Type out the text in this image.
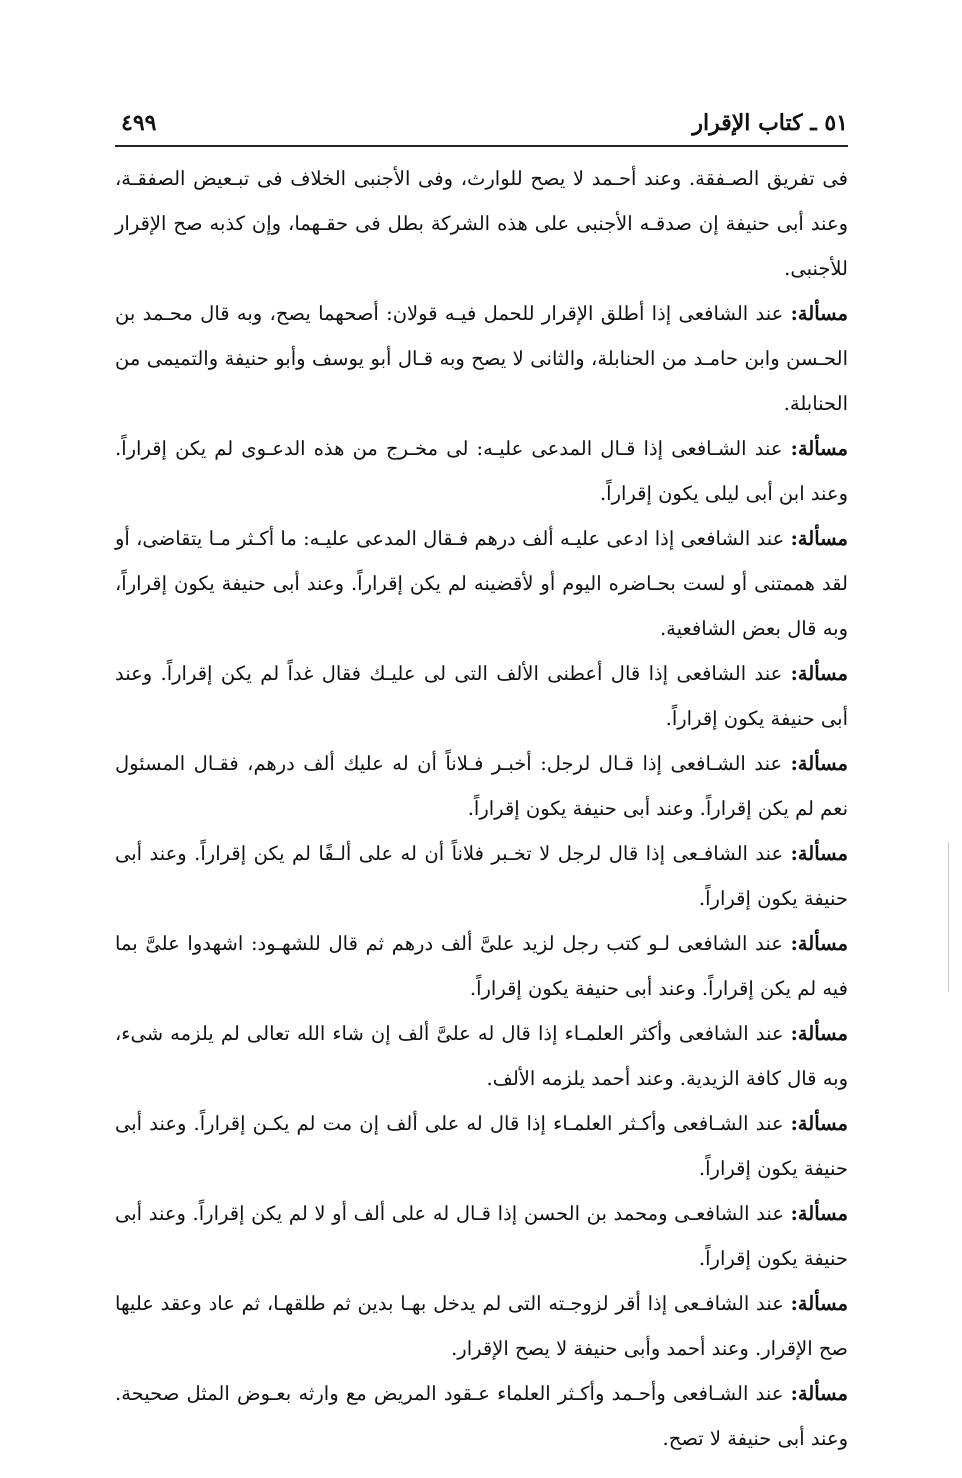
٥١ ـ كتاب الإقرار
٤٩٩

فى تفريق الصـفقة. وعند أحـمد لا يصح للوارث، وفى الأجنبى الخلاف فى تبـعيض الصفقـة، وعند أبى حنيفة إن صدقـه الأجنبى على هذه الشركة بطل فى حقـهما، وإن كذبه صح الإقرار للأجنبى.

مسألة: عند الشافعى إذا أطلق الإقرار للحمل فيـه قولان: أصحهما يصح، وبه قال محـمد بن الحـسن وابن حامـد من الحنابلة، والثانى لا يصح وبه قـال أبو يوسف وأبو حنيفة والتميمى من الحنابلة.

مسألة: عند الشـافعى إذا قـال المدعى عليـه: لى مخـرج من هذه الدعـوى لم يكن إقراراً. وعند ابن أبى ليلى يكون إقراراً.

مسألة: عند الشافعى إذا ادعى عليـه ألف درهم فـقال المدعى عليـه: ما أكـثر مـا يتقاضى، أو لقد هممتنى أو لست بحـاضره اليوم أو لأقضينه لم يكن إقراراً. وعند أبى حنيفة يكون إقراراً، وبه قال بعض الشافعية.

مسألة: عند الشافعى إذا قال أعطنى الألف التى لى عليـك فقال غداً لم يكن إقراراً. وعند أبى حنيفة يكون إقراراً.

مسألة: عند الشـافعى إذا قـال لرجل: أخبـر فـلاناً أن له عليك ألف درهم، فقـال المسئول نعم لم يكن إقراراً. وعند أبى حنيفة يكون إقراراً.

مسألة: عند الشافـعى إذا قال لرجل لا تخـبر فلاناً أن له على ألـفًا لم يكن إقراراً. وعند أبى حنيفة يكون إقراراً.

مسألة: عند الشافعى لـو كتب رجل لزيد علىَّ ألف درهم ثم قال للشهـود: اشهدوا علىَّ بما فيه لم يكن إقراراً. وعند أبى حنيفة يكون إقراراً.

مسألة: عند الشافعى وأكثر العلمـاء إذا قال له علىَّ ألف إن شاء الله تعالى لم يلزمه شىء، وبه قال كافة الزيدية. وعند أحمد يلزمه الألف.

مسألة: عند الشـافعى وأكـثر العلمـاء إذا قال له على ألف إن مت لم يكـن إقراراً. وعند أبى حنيفة يكون إقراراً.

مسألة: عند الشافعـى ومحمد بن الحسن إذا قـال له على ألف أو لا لم يكن إقراراً. وعند أبى حنيفة يكون إقراراً.

مسألة: عند الشافـعى إذا أقر لزوجـته التى لم يدخل بهـا بدين ثم طلقهـا، ثم عاد وعقد عليها صح الإقرار. وعند أحمد وأبى حنيفة لا يصح الإقرار.

مسألة: عند الشـافعى وأحـمد وأكـثر العلماء عـقود المريض مع وارثه بعـوض المثل صحيحة. وعند أبى حنيفة لا تصح.
